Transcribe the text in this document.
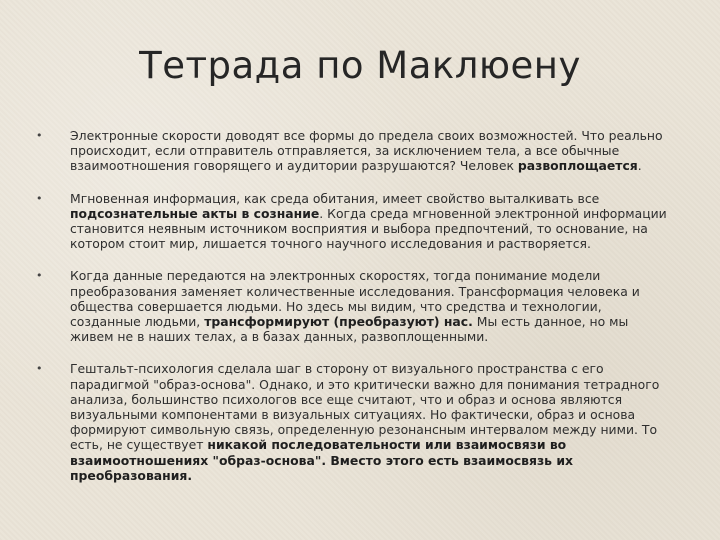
Тетрада по Маклюену
• Электронные скорости доводят все формы до предела своих возможностей. Что реально происходит, если отправитель отправляется, за исключением тела, а все обычные взаимоотношения говорящего и аудитории разрушаются? Человек развоплощается.
• Мгновенная информация, как среда обитания, имеет свойство выталкивать все подсознательные акты в сознание. Когда среда мгновенной электронной информации становится неявным источником восприятия и выбора предпочтений, то основание, на котором стоит мир, лишается точного научного исследования и растворяется.
• Когда данные передаются на электронных скоростях, тогда понимание модели преобразования заменяет количественные исследования. Трансформация человека и общества совершается людьми. Но здесь мы видим, что средства и технологии, созданные людьми, трансформируют (преобразуют) нас. Мы есть данное, но мы живем не в наших телах, а в базах данных, развоплощенными.
• Гештальт-психология сделала шаг в сторону от визуального пространства с его парадигмой "образ-основа". Однако, и это критически важно для понимания тетрадного анализа, большинство психологов все еще считают, что и образ и основа являются визуальными компонентами в визуальных ситуациях. Но фактически, образ и основа формируют символьную связь, определенную резонансным интервалом между ними. То есть, не существует никакой последовательности или взаимосвязи во взаимоотношениях "образ-основа". Вместо этого есть взаимосвязь их преобразования.
